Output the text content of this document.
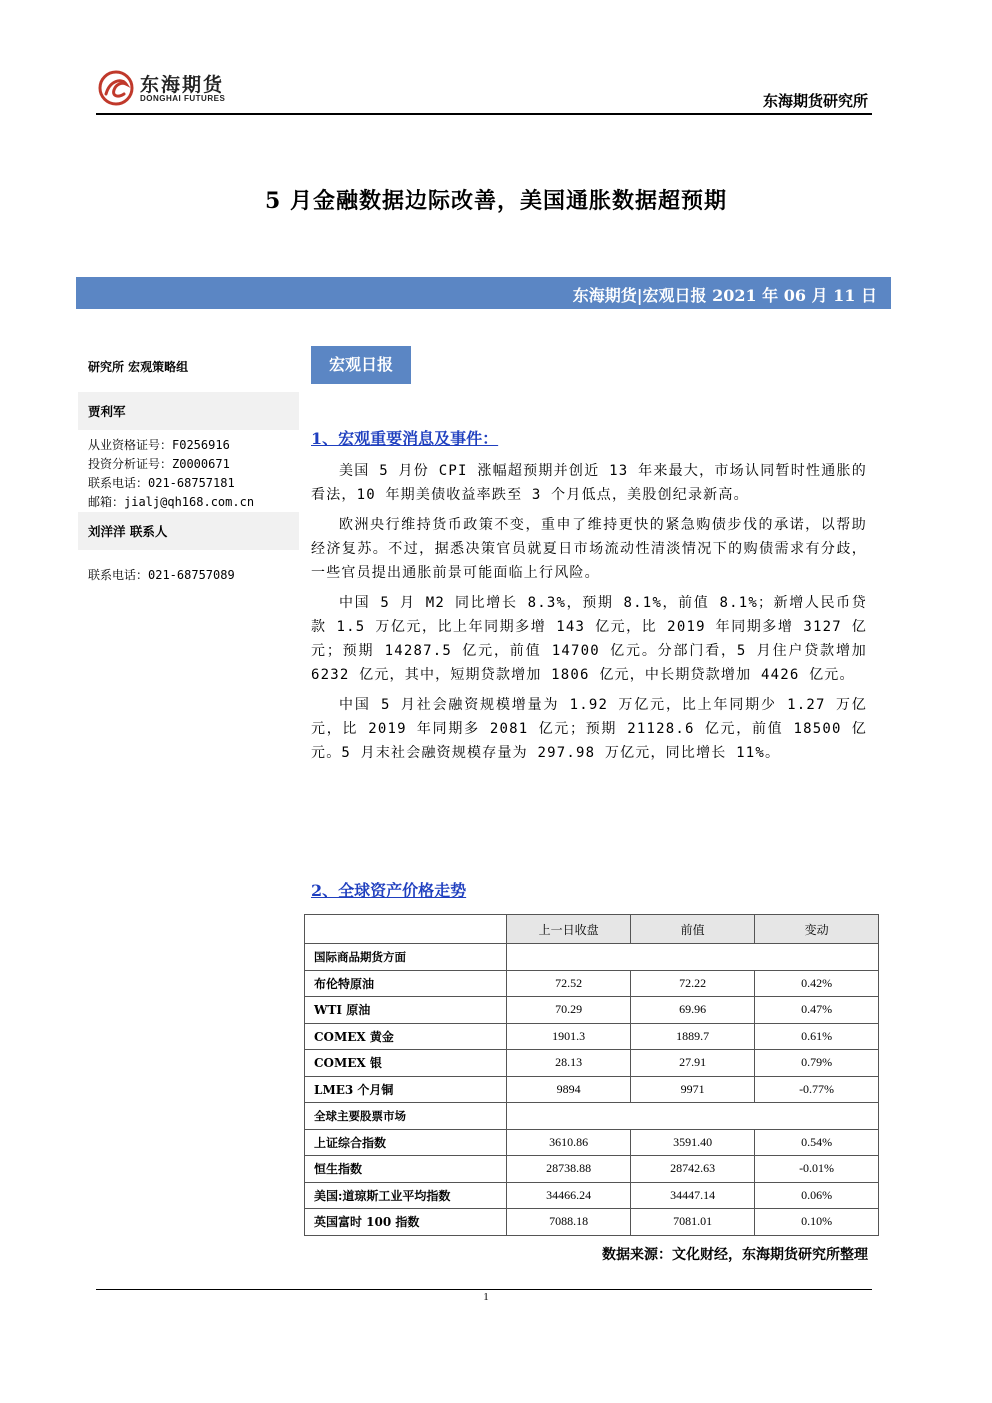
东海期货
DONGHAI FUTURES	东海期货研究所
5 月金融数据边际改善，美国通胀数据超预期
东海期货|宏观日报 2021 年 06 月 11 日
研究所 宏观策略组
贾利军
从业资格证号：F0256916
投资分析证号：Z0000671
联系电话：021-68757181
邮箱：jialj@qh168.com.cn
刘洋洋 联系人
联系电话：021-68757089
宏观日报
1、宏观重要消息及事件：

美国 5 月份 CPI 涨幅超预期并创近 13 年来最大，市场认同暂时性通胀的看法，10 年期美债收益率跌至 3 个月低点，美股创纪录新高。

欧洲央行维持货币政策不变，重申了维持更快的紧急购债步伐的承诺，以帮助经济复苏。不过，据悉决策官员就夏日市场流动性清淡情况下的购债需求有分歧，一些官员提出通胀前景可能面临上行风险。

中国 5 月 M2 同比增长 8.3%，预期 8.1%，前值 8.1%；新增人民币贷款 1.5 万亿元，比上年同期多增 143 亿元，比 2019 年同期多增 3127 亿元；预期 14287.5 亿元，前值 14700 亿元。分部门看，5 月住户贷款增加 6232 亿元，其中，短期贷款增加 1806 亿元，中长期贷款增加 4426 亿元。

中国 5 月社会融资规模增量为 1.92 万亿元，比上年同期少 1.27 万亿元，比 2019 年同期多 2081 亿元；预期 21128.6 亿元，前值 18500 亿元。5 月末社会融资规模存量为 297.98 万亿元，同比增长 11%。

2、全球资产价格走势
	上一日收盘	前值	变动
国际商品期货方面			
布伦特原油	72.52	72.22	0.42%
WTI 原油	70.29	69.96	0.47%
COMEX 黄金	1901.3	1889.7	0.61%
COMEX 银	28.13	27.91	0.79%
LME3 个月铜	9894	9971	-0.77%
全球主要股票市场			
上证综合指数	3610.86	3591.40	0.54%
恒生指数	28738.88	28742.63	-0.01%
美国:道琼斯工业平均指数	34466.24	34447.14	0.06%
英国富时 100 指数	7088.18	7081.01	0.10%
数据来源：文化财经，东海期货研究所整理
1
